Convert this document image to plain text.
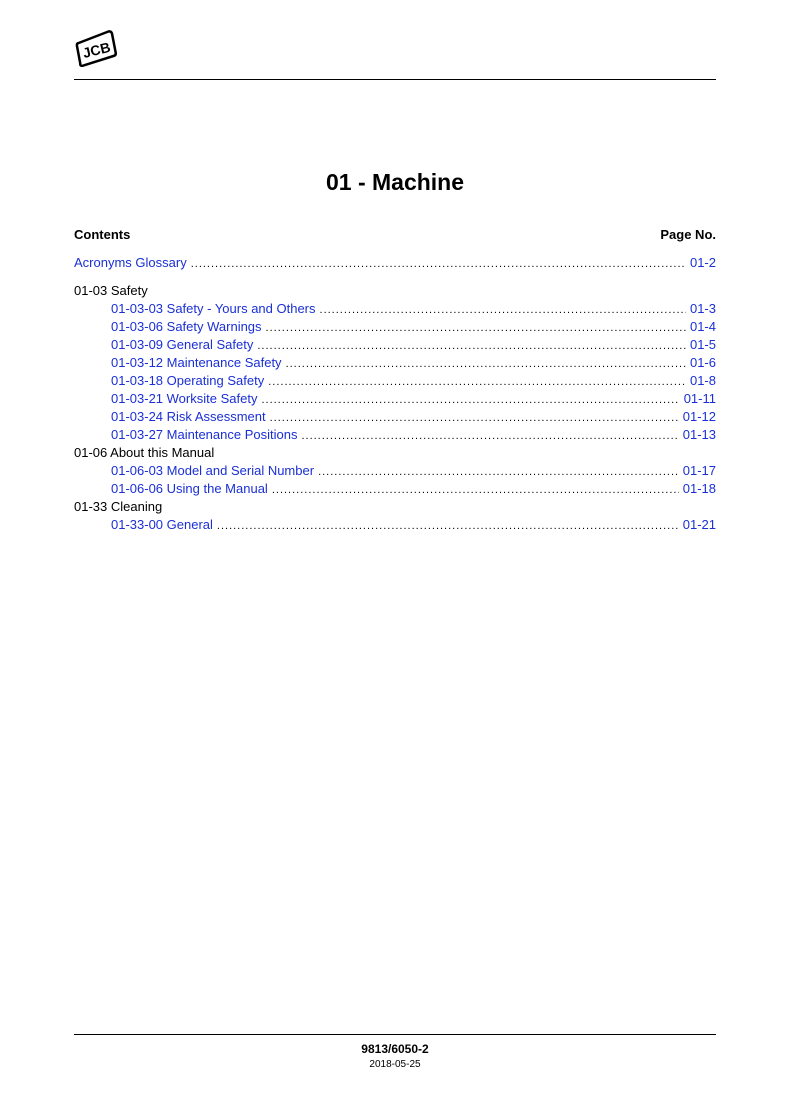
JCB
01 - Machine
Contents	Page No.
Acronyms Glossary .....	01-2
01-03 Safety
01-03-03 Safety - Yours and Others .....	01-3
01-03-06 Safety Warnings .....	01-4
01-03-09 General Safety .....	01-5
01-03-12 Maintenance Safety .....	01-6
01-03-18 Operating Safety .....	01-8
01-03-21 Worksite Safety .....	01-11
01-03-24 Risk Assessment .....	01-12
01-03-27 Maintenance Positions .....	01-13
01-06 About this Manual
01-06-03 Model and Serial Number .....	01-17
01-06-06 Using the Manual .....	01-18
01-33 Cleaning
01-33-00 General .....	01-21
9813/6050-2
2018-05-25
